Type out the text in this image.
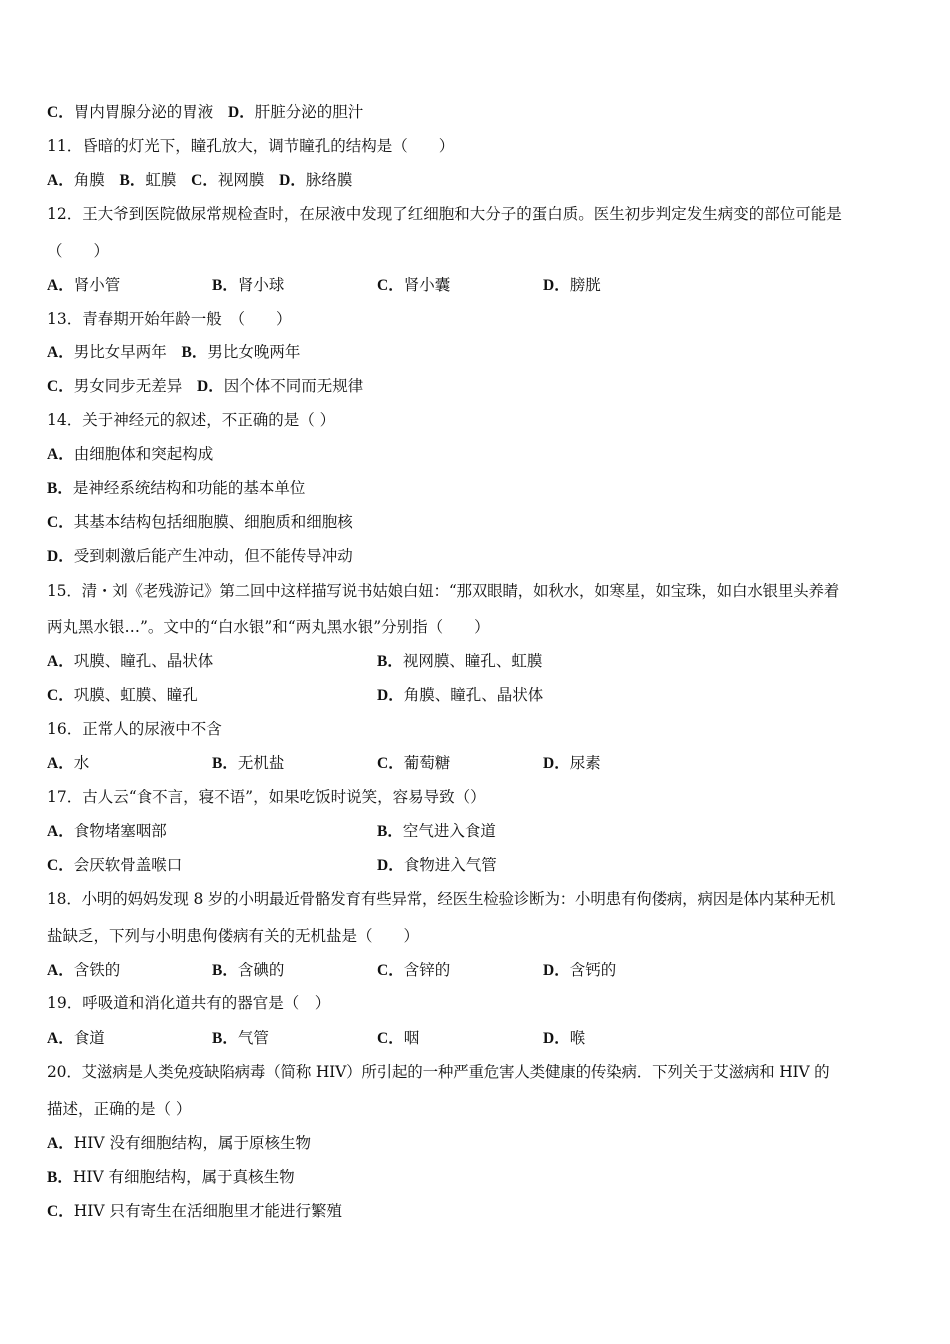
C．胃内胃腺分泌的胃液 D．肝脏分泌的胆汁
11．昏暗的灯光下，瞳孔放大，调节瞳孔的结构是（　　）
A．角膜 B．虹膜 C．视网膜 D．脉络膜
12．王大爷到医院做尿常规检查时，在尿液中发现了红细胞和大分子的蛋白质。医生初步判定发生病变的部位可能是
（　　）
A．肾小管	B．肾小球	C．肾小囊	D．膀胱
13．青春期开始年龄一般　（　　）
A．男比女早两年 B．男比女晚两年
C．男女同步无差异 D．因个体不同而无规律
14．关于神经元的叙述，不正确的是（ ）
A．由细胞体和突起构成
B．是神经系统结构和功能的基本单位
C．其基本结构包括细胞膜、细胞质和细胞核
D．受到刺激后能产生冲动，但不能传导冲动
15．清・刘《老残游记》第二回中这样描写说书姑娘白妞：“那双眼睛，如秋水，如寒星，如宝珠，如白水银里头养着
两丸黑水银…”。文中的“白水银”和“两丸黑水银”分别指（　　）
A．巩膜、瞳孔、晶状体	B．视网膜、瞳孔、虹膜
C．巩膜、虹膜、瞳孔	D．角膜、瞳孔、晶状体
16．正常人的尿液中不含
A．水	B．无机盐	C．葡萄糖	D．尿素
17．古人云“食不言，寝不语”，如果吃饭时说笑，容易导致（）
A．食物堵塞咽部	B．空气进入食道
C．会厌软骨盖喉口	D．食物进入气管
18．小明的妈妈发现 8 岁的小明最近骨骼发育有些异常，经医生检验诊断为：小明患有佝偻病，病因是体内某种无机
盐缺乏，下列与小明患佝偻病有关的无机盐是（　　）
A．含铁的	B．含碘的	C．含锌的	D．含钙的
19．呼吸道和消化道共有的器官是（　）
A．食道	B．气管	C．咽	D．喉
20．艾滋病是人类免疫缺陷病毒（简称 HIV）所引起的一种严重危害人类健康的传染病．下列关于艾滋病和 HIV 的
描述，正确的是（ ）
A．HIV 没有细胞结构，属于原核生物
B．HIV 有细胞结构，属于真核生物
C．HIV 只有寄生在活细胞里才能进行繁殖
